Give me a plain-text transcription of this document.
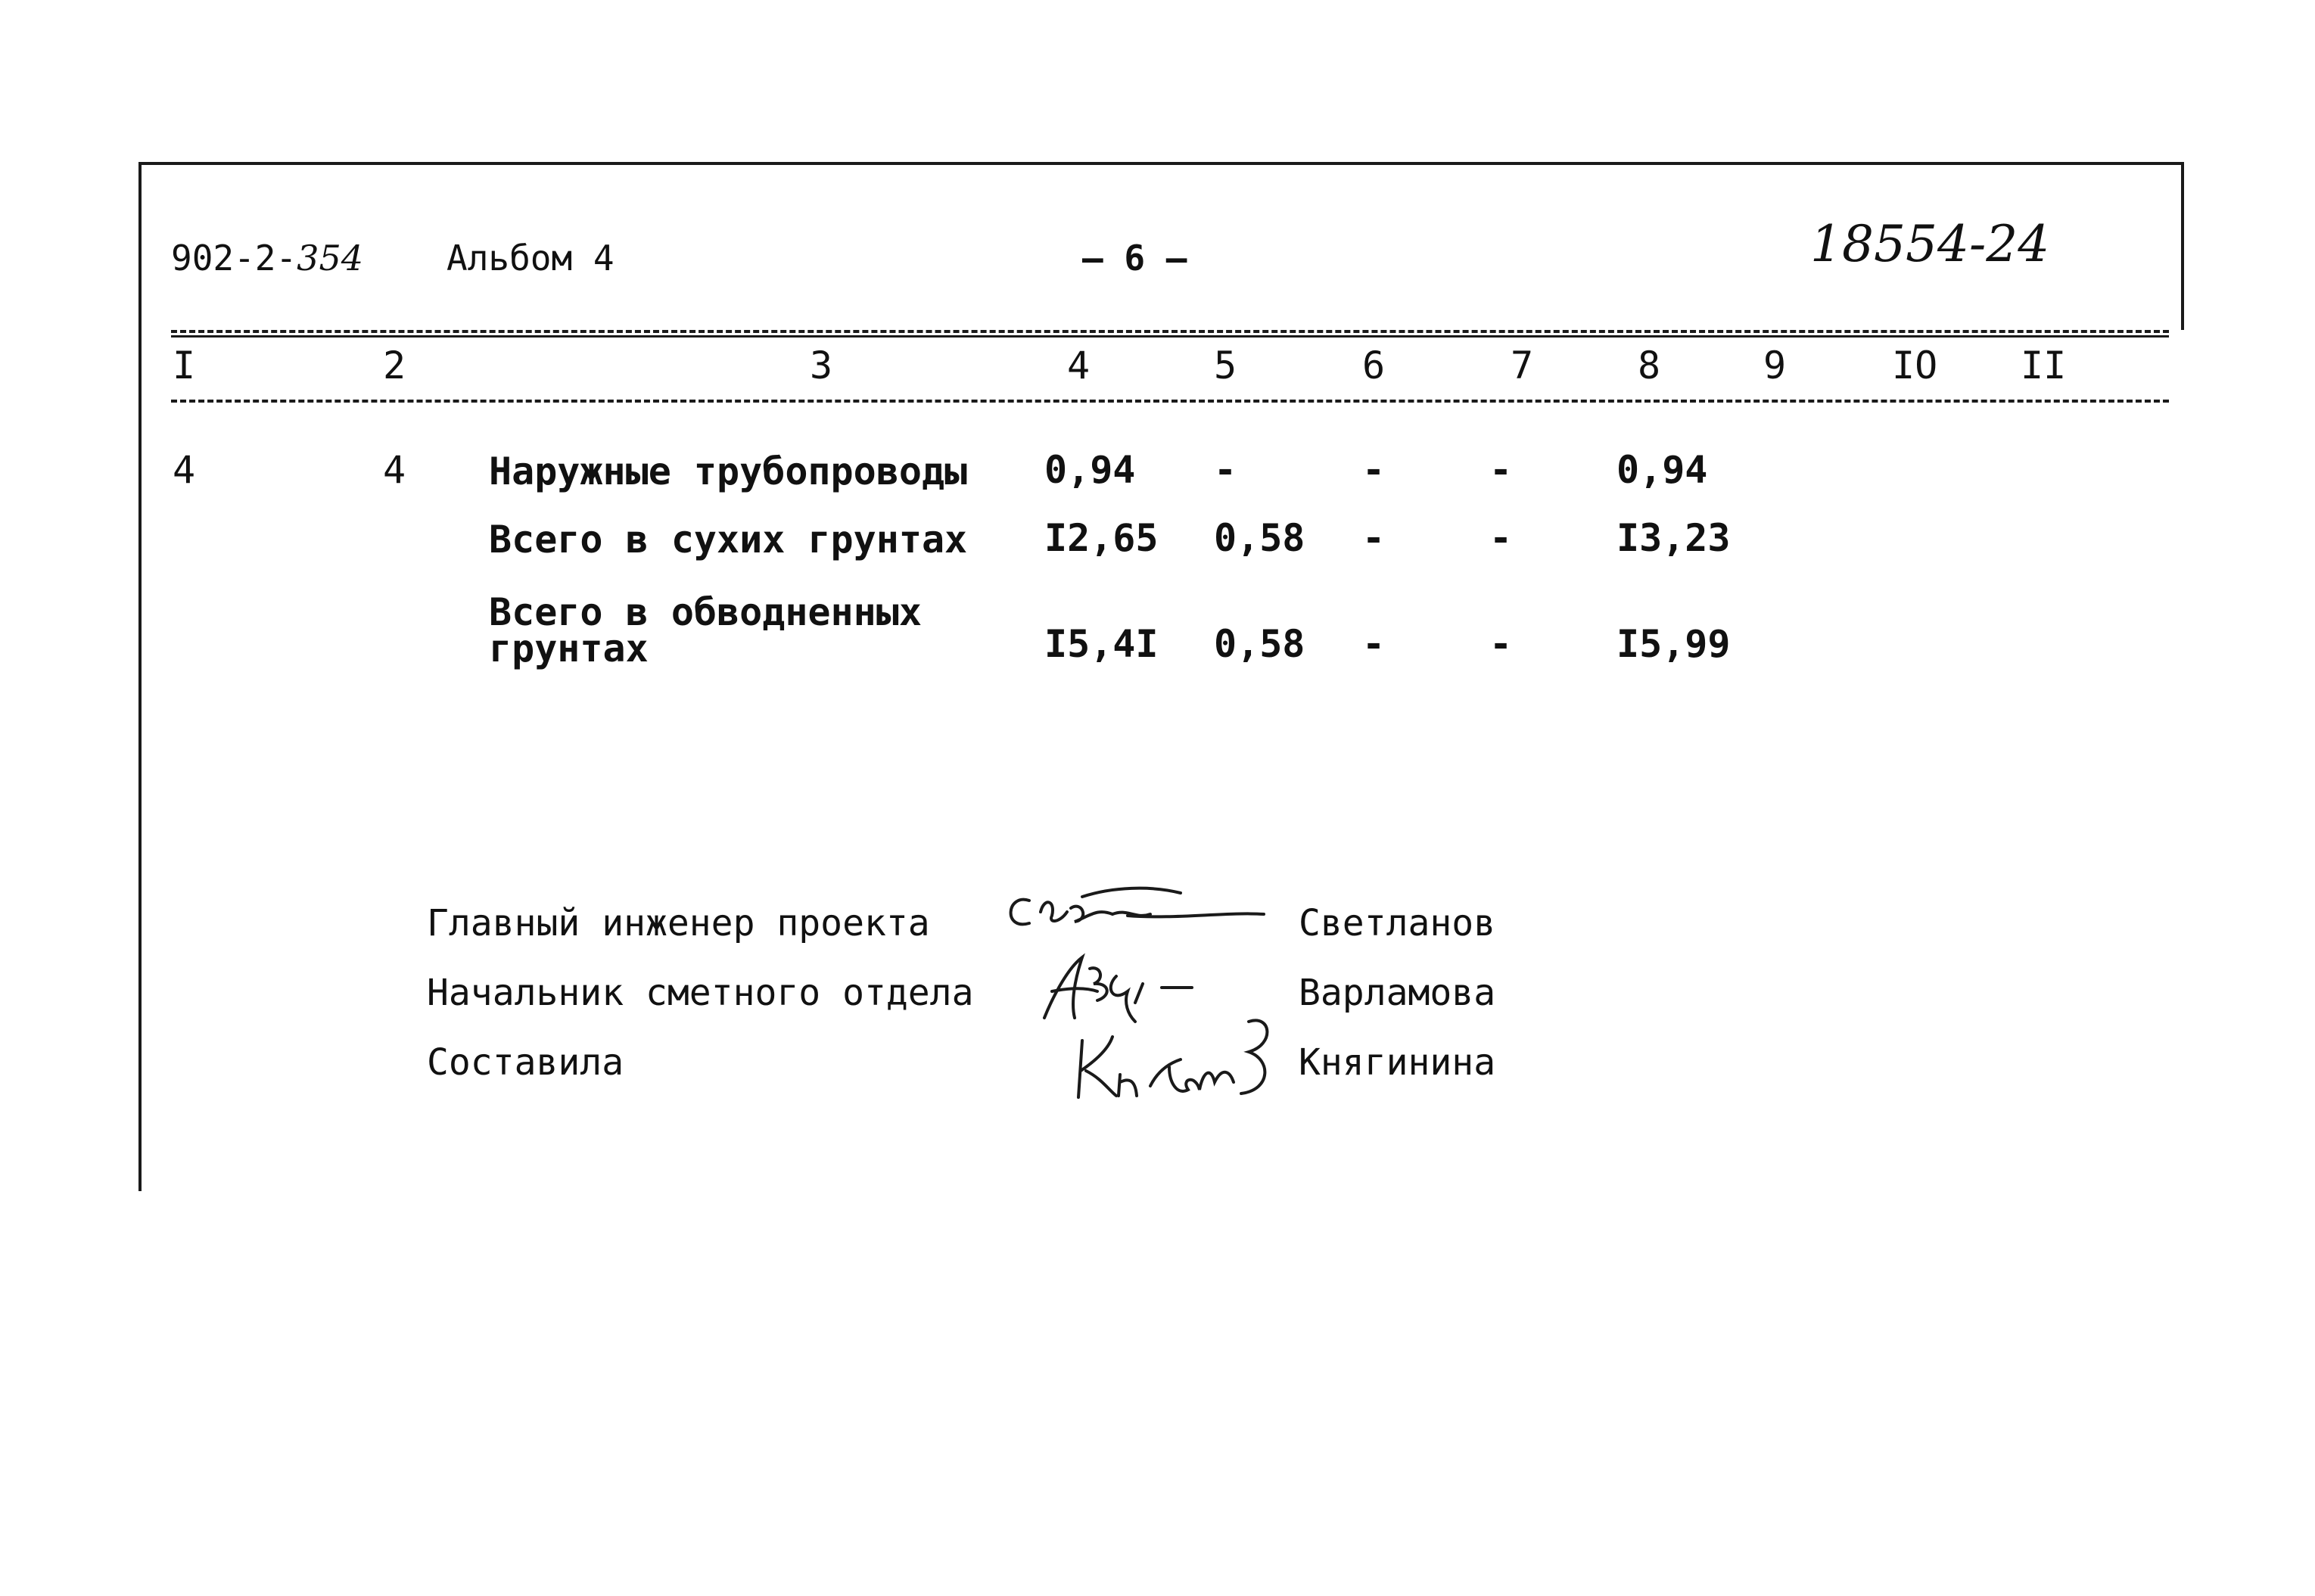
902-2-354 Альбом 4	— 6 —	18554-24
I	2	3	4	5	6	7	8	9	IO II
4	4 Наружные трубопроводы 0,94 -	-	-	0,94
Всего в сухих грунтах I2,65 0,58 -	-	I3,23
Всего в обводненных
грунтах	I5,4I 0,58 -	-	I5,99
Главный инженер проекта	Светланов
Начальник сметного отдела	Варламова
Составила	Княгинина
